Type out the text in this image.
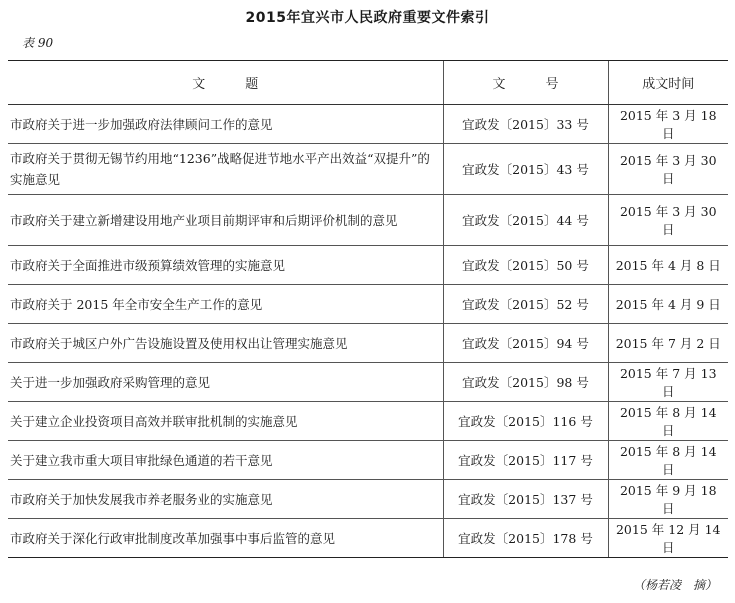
2015年宜兴市人民政府重要文件索引
表 90
文题	文号	成文时间
市政府关于进一步加强政府法律顾问工作的意见	宜政发〔2015〕33 号	2015 年 3 月 18 日
市政府关于贯彻无锡节约用地“1236”战略促进节地水平产出效益“双提升”的实施意见	宜政发〔2015〕43 号	2015 年 3 月 30 日
市政府关于建立新增建设用地产业项目前期评审和后期评价机制的意见	宜政发〔2015〕44 号	2015 年 3 月 30 日
市政府关于全面推进市级预算绩效管理的实施意见	宜政发〔2015〕50 号	2015 年 4 月 8 日
市政府关于 2015 年全市安全生产工作的意见	宜政发〔2015〕52 号	2015 年 4 月 9 日
市政府关于城区户外广告设施设置及使用权出让管理实施意见	宜政发〔2015〕94 号	2015 年 7 月 2 日
关于进一步加强政府采购管理的意见	宜政发〔2015〕98 号	2015 年 7 月 13 日
关于建立企业投资项目高效并联审批机制的实施意见	宜政发〔2015〕116 号	2015 年 8 月 14 日
关于建立我市重大项目审批绿色通道的若干意见	宜政发〔2015〕117 号	2015 年 8 月 14 日
市政府关于加快发展我市养老服务业的实施意见	宜政发〔2015〕137 号	2015 年 9 月 18 日
市政府关于深化行政审批制度改革加强事中事后监管的意见	宜政发〔2015〕178 号	2015 年 12 月 14 日
（杨若凌　摘）
